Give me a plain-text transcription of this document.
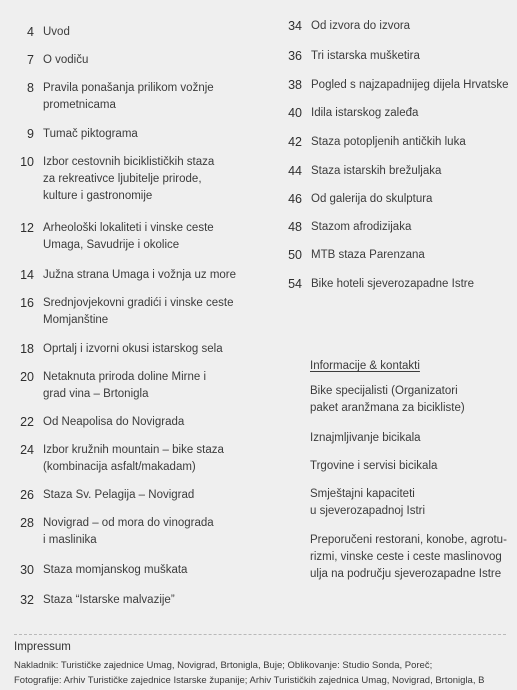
4 Uvod
7 O vodiču
8 Pravila ponašanja prilikom vožnje
prometnicama
9 Tumač piktograma
10 Izbor cestovnih biciklističkih staza
za rekreativce ljubitelje prirode,
kulture i gastronomije
12 Arheološki lokaliteti i vinske ceste
Umaga, Savudrije i okolice
14 Južna strana Umaga i vožnja uz more
16 Srednjovjekovni gradići i vinske ceste
Momjanštine
18 Oprtalj i izvorni okusi istarskog sela
20 Netaknuta priroda doline Mirne i
grad vina – Brtonigla
22 Od Neapolisa do Novigrada
24 Izbor kružnih mountain – bike staza
(kombinacija asfalt/makadam)
26 Staza Sv. Pelagija – Novigrad
28 Novigrad – od mora do vinograda
i maslinika
30 Staza momjanskog muškata
32 Staza “Istarske malvazije”
34 Od izvora do izvora
36 Tri istarska mušketira
38 Pogled s najzapadnijeg dijela Hrvatske
40 Idila istarskog zaleđa
42 Staza potopljenih antičkih luka
44 Staza istarskih brežuljaka
46 Od galerija do skulptura
48 Stazom afrodizijaka
50 MTB staza Parenzana
54 Bike hoteli sjeverozapadne Istre
Informacije & kontakti
Bike specijalisti (Organizatori
paket aranžmana za bicikliste)
Iznajmljivanje bicikala
Trgovine i servisi bicikala
Smještajni kapaciteti
u sjeverozapadnoj Istri
Preporučeni restorani, konobe, agrotu-
rizmi, vinske ceste i ceste maslinovog
ulja na području sjeverozapadne Istre
Impressum
Nakladnik: Turističke zajednice Umag, Novigrad, Brtonigla, Buje; Oblikovanje: Studio Sonda, Poreč;
Fotografije: Arhiv Turističke zajednice Istarske županije; Arhiv Turističkih zajednica Umag, Novigrad, Brtonigla, B
